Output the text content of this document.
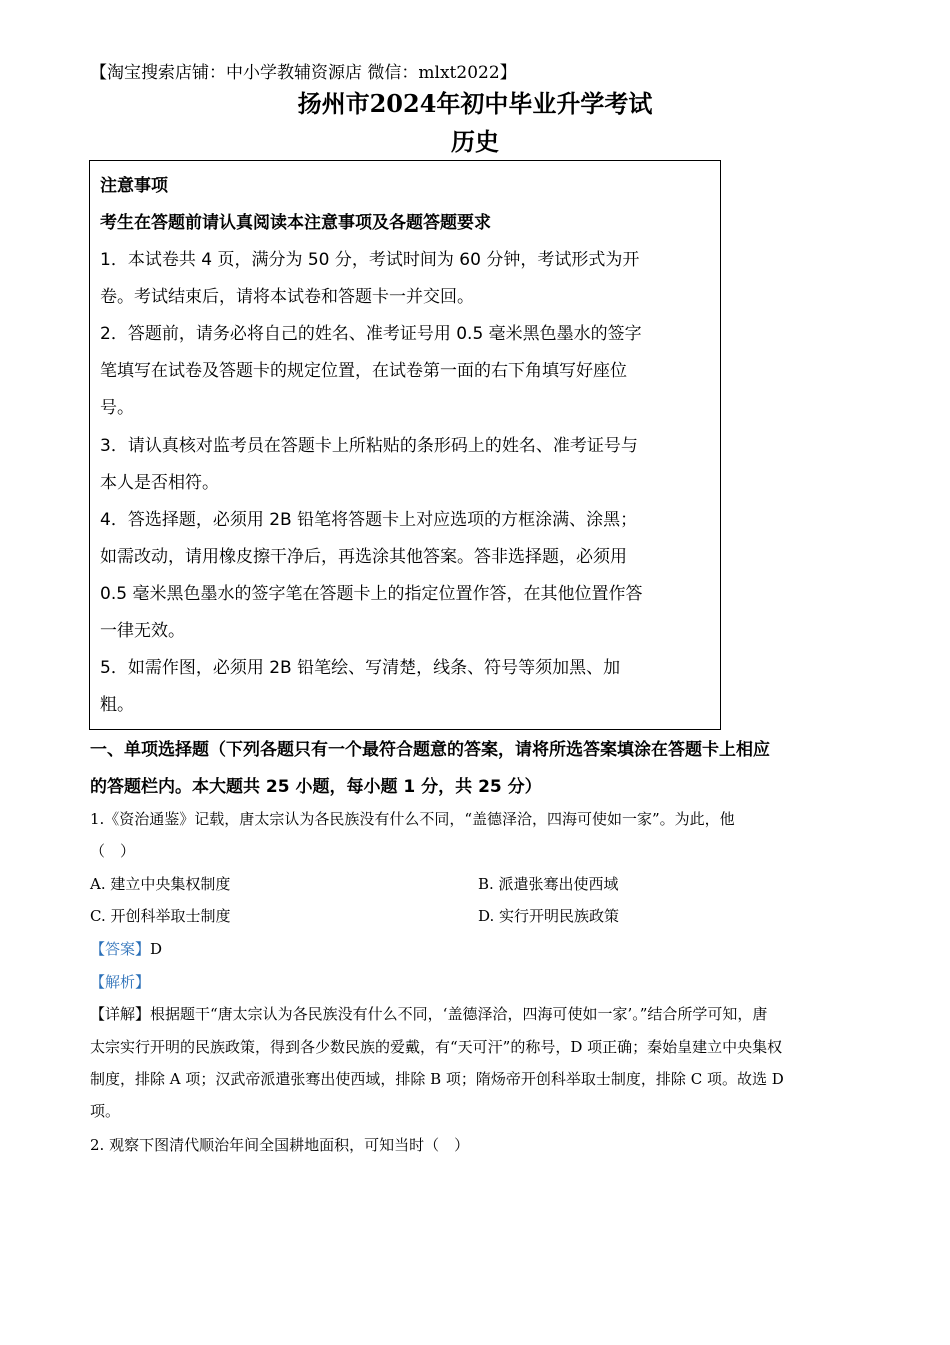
【淘宝搜索店铺：中小学教辅资源店 微信：mlxt2022】
扬州市2024年初中毕业升学考试
历史
注意事项
考生在答题前请认真阅读本注意事项及各题答题要求
1．本试卷共 4 页，满分为 50 分，考试时间为 60 分钟，考试形式为开
卷。考试结束后，请将本试卷和答题卡一并交回。
2．答题前，请务必将自己的姓名、准考证号用 0.5 毫米黑色墨水的签字
笔填写在试卷及答题卡的规定位置，在试卷第一面的右下角填写好座位
号。
3．请认真核对监考员在答题卡上所粘贴的条形码上的姓名、准考证号与
本人是否相符。
4．答选择题，必须用 2B 铅笔将答题卡上对应选项的方框涂满、涂黑；
如需改动，请用橡皮擦干净后，再选涂其他答案。答非选择题，必须用
0.5 毫米黑色墨水的签字笔在答题卡上的指定位置作答，在其他位置作答
一律无效。
5．如需作图，必须用 2B 铅笔绘、写清楚，线条、符号等须加黑、加
粗。
一、单项选择题（下列各题只有一个最符合题意的答案，请将所选答案填涂在答题卡上相应
的答题栏内。本大题共 25 小题，每小题 1 分，共 25 分）
1.《资治通鉴》记载，唐太宗认为各民族没有什么不同，“盖德泽洽，四海可使如一家”。为此，他
（　）
A. 建立中央集权制度	B. 派遣张骞出使西域
C. 开创科举取士制度	D. 实行开明民族政策
【答案】D
【解析】
【详解】根据题干“唐太宗认为各民族没有什么不同，‘盖德泽洽，四海可使如一家’。”结合所学可知，唐
太宗实行开明的民族政策，得到各少数民族的爱戴，有“天可汗”的称号，D 项正确；秦始皇建立中央集权
制度，排除 A 项；汉武帝派遣张骞出使西域，排除 B 项；隋炀帝开创科举取士制度，排除 C 项。故选 D
项。
2. 观察下图清代顺治年间全国耕地面积，可知当时（　）
